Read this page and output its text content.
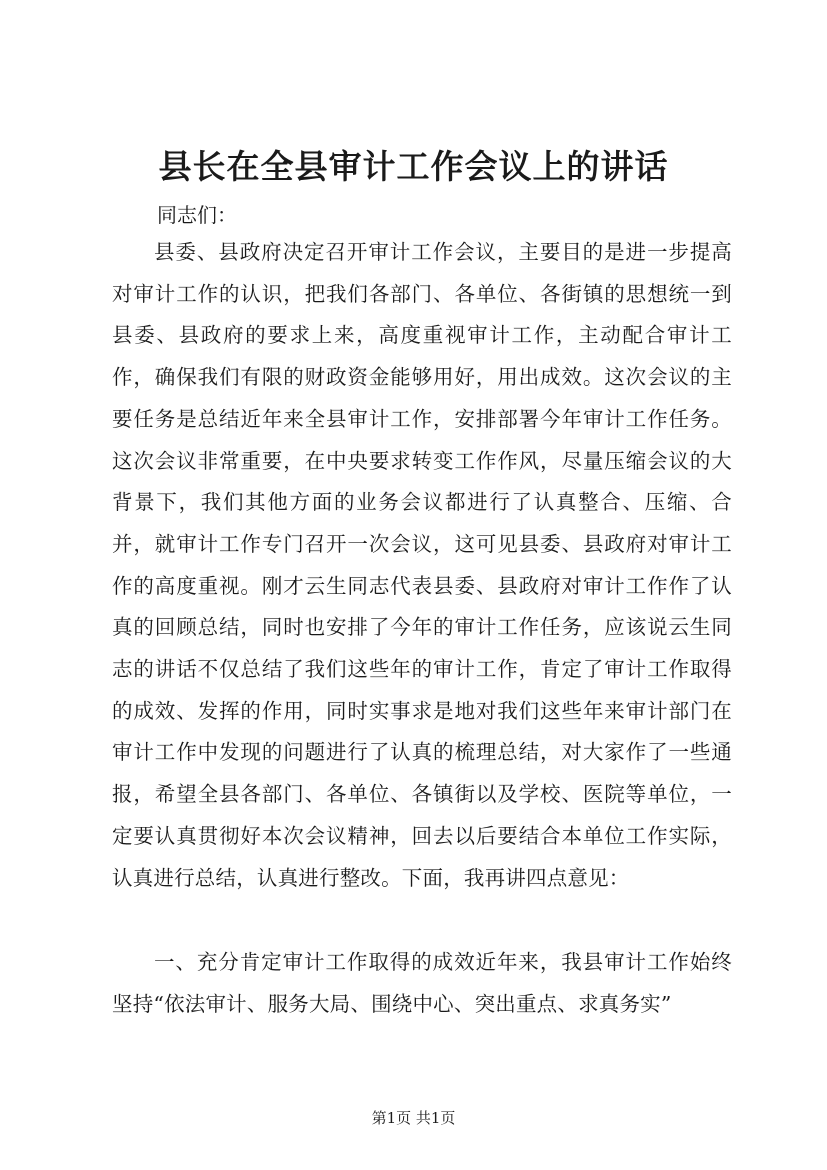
县长在全县审计工作会议上的讲话

同志们：

县委、县政府决定召开审计工作会议，主要目的是进一步提高对审计工作的认识，把我们各部门、各单位、各街镇的思想统一到县委、县政府的要求上来，高度重视审计工作，主动配合审计工作，确保我们有限的财政资金能够用好，用出成效。这次会议的主要任务是总结近年来全县审计工作，安排部署今年审计工作任务。这次会议非常重要，在中央要求转变工作作风，尽量压缩会议的大背景下，我们其他方面的业务会议都进行了认真整合、压缩、合并，就审计工作专门召开一次会议，这可见县委、县政府对审计工作的高度重视。刚才云生同志代表县委、县政府对审计工作作了认真的回顾总结，同时也安排了今年的审计工作任务，应该说云生同志的讲话不仅总结了我们这些年的审计工作，肯定了审计工作取得的成效、发挥的作用，同时实事求是地对我们这些年来审计部门在审计工作中发现的问题进行了认真的梳理总结，对大家作了一些通报，希望全县各部门、各单位、各镇街以及学校、医院等单位，一定要认真贯彻好本次会议精神，回去以后要结合本单位工作实际，认真进行总结，认真进行整改。下面，我再讲四点意见：

一、充分肯定审计工作取得的成效近年来，我县审计工作始终坚持“依法审计、服务大局、围绕中心、突出重点、求真务实”

第1页 共1页
